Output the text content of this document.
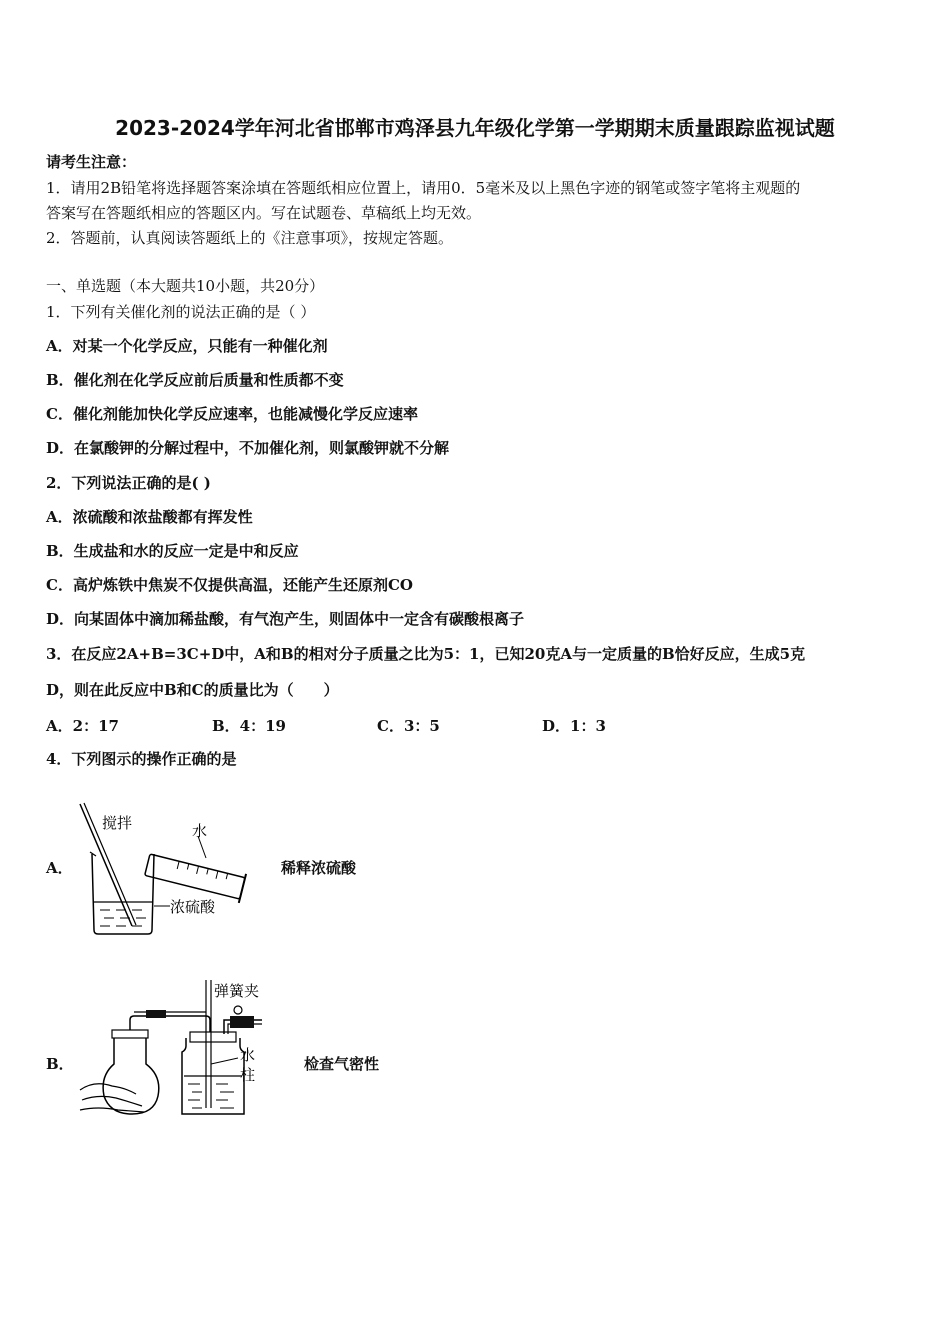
2023-2024学年河北省邯郸市鸡泽县九年级化学第一学期期末质量跟踪监视试题
请考生注意：
1．请用2B铅笔将选择题答案涂填在答题纸相应位置上，请用0．5毫米及以上黑色字迹的钢笔或签字笔将主观题的
答案写在答题纸相应的答题区内。写在试题卷、草稿纸上均无效。
2．答题前，认真阅读答题纸上的《注意事项》，按规定答题。
一、单选题（本大题共10小题，共20分）
1．下列有关催化剂的说法正确的是（ ）
A．对某一个化学反应，只能有一种催化剂
B．催化剂在化学反应前后质量和性质都不变
C．催化剂能加快化学反应速率，也能减慢化学反应速率
D．在氯酸钾的分解过程中，不加催化剂，则氯酸钾就不分解
2．下列说法正确的是( )
A．浓硫酸和浓盐酸都有挥发性
B．生成盐和水的反应一定是中和反应
C．高炉炼铁中焦炭不仅提供高温，还能产生还原剂CO
D．向某固体中滴加稀盐酸，有气泡产生，则固体中一定含有碳酸根离子
3．在反应2A+B=3C+D中，A和B的相对分子质量之比为5：1，已知20克A与一定质量的B恰好反应，生成5克
D，则在此反应中B和C的质量比为（　　）
A．2：17	B．4：19	C．3：5	D．1：3
4．下列图示的操作正确的是
A．
搅拌	水
浓硫酸
稀释浓硫酸
B．
弹簧夹
水
柱
检查气密性
